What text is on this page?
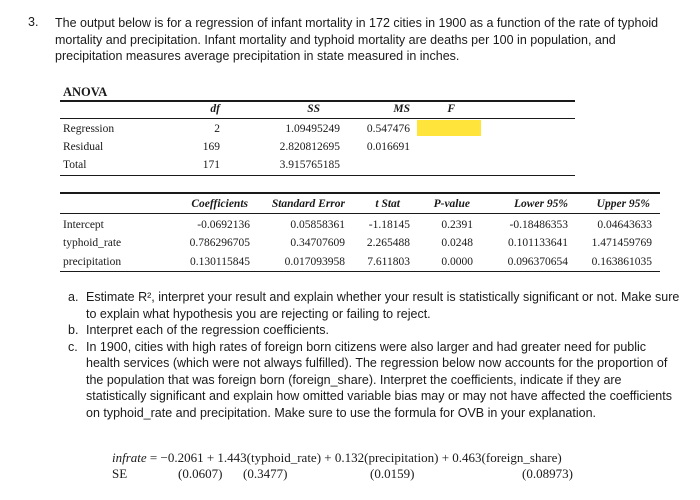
3. The output below is for a regression of infant mortality in 172 cities in 1900 as a function of the rate of typhoid mortality and precipitation. Infant mortality and typhoid mortality are deaths per 100 in population, and precipitation measures average precipitation in state measured in inches.
ANOVA
df	SS	MS	F
Regression	2	1.09495249	0.547476
Residual	169	2.820812695	0.016691
Total	171	3.915765185
Coefficients	Standard Error	t Stat	P-value	Lower 95%	Upper 95%
Intercept	-0.0692136	0.05858361	-1.18145	0.2391	-0.18486353	0.04643633
typhoid_rate	0.786296705	0.34707609	2.265488	0.0248	0.101133641	1.471459769
precipitation	0.130115845	0.017093958	7.611803	0.0000	0.096370654	0.163861035
a. Estimate R², interpret your result and explain whether your result is statistically significant or not. Make sure to explain what hypothesis you are rejecting or failing to reject.
b. Interpret each of the regression coefficients.
c. In 1900, cities with high rates of foreign born citizens were also larger and had greater need for public health services (which were not always fulfilled). The regression below now accounts for the proportion of the population that was foreign born (foreign_share). Interpret the coefficients, indicate if they are statistically significant and explain how omitted variable bias may or may not have affected the coefficients on typhoid_rate and precipitation. Make sure to use the formula for OVB in your explanation.
infrate = −0.2061 + 1.443(typhoid_rate) + 0.132(precipitation) + 0.463(foreign_share)
SE	(0.0607) (0.3477)	(0.0159)	(0.08973)
